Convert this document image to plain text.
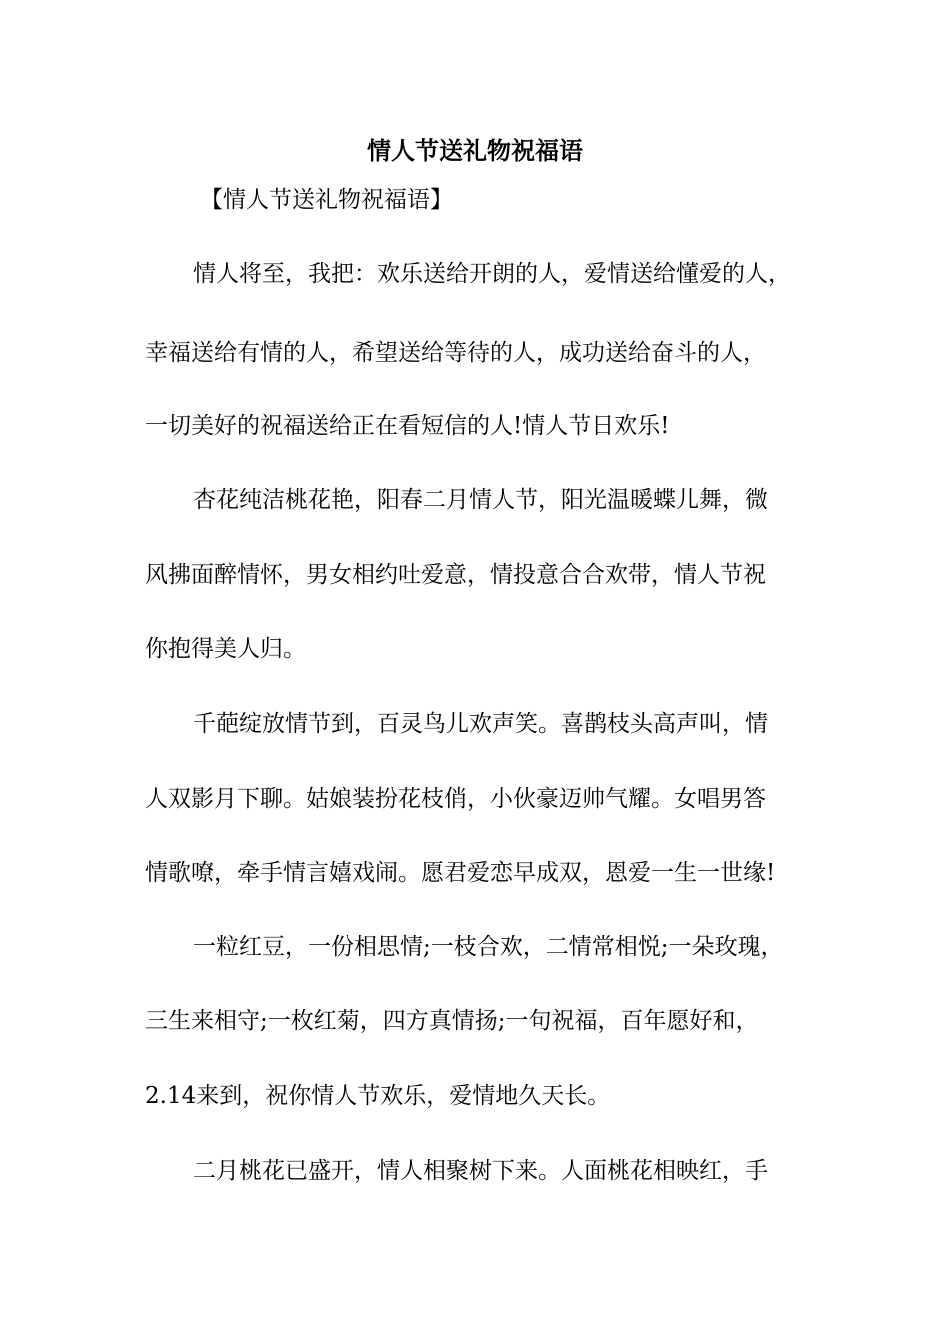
情人节送礼物祝福语
【情人节送礼物祝福语】
情人将至，我把：欢乐送给开朗的人，爱情送给懂爱的人，
幸福送给有情的人，希望送给等待的人，成功送给奋斗的人，
一切美好的祝福送给正在看短信的人!情人节日欢乐!
杏花纯洁桃花艳，阳春二月情人节，阳光温暖蝶儿舞，微
风拂面醉情怀，男女相约吐爱意，情投意合合欢带，情人节祝
你抱得美人归。
千葩绽放情节到，百灵鸟儿欢声笑。喜鹊枝头高声叫，情
人双影月下聊。姑娘装扮花枝俏，小伙豪迈帅气耀。女唱男答
情歌嘹，牵手情言嬉戏闹。愿君爱恋早成双，恩爱一生一世缘!
一粒红豆，一份相思情;一枝合欢，二情常相悦;一朵玫瑰，
三生来相守;一枚红菊，四方真情扬;一句祝福，百年愿好和，
2.14来到，祝你情人节欢乐，爱情地久天长。
二月桃花已盛开，情人相聚树下来。人面桃花相映红，手
